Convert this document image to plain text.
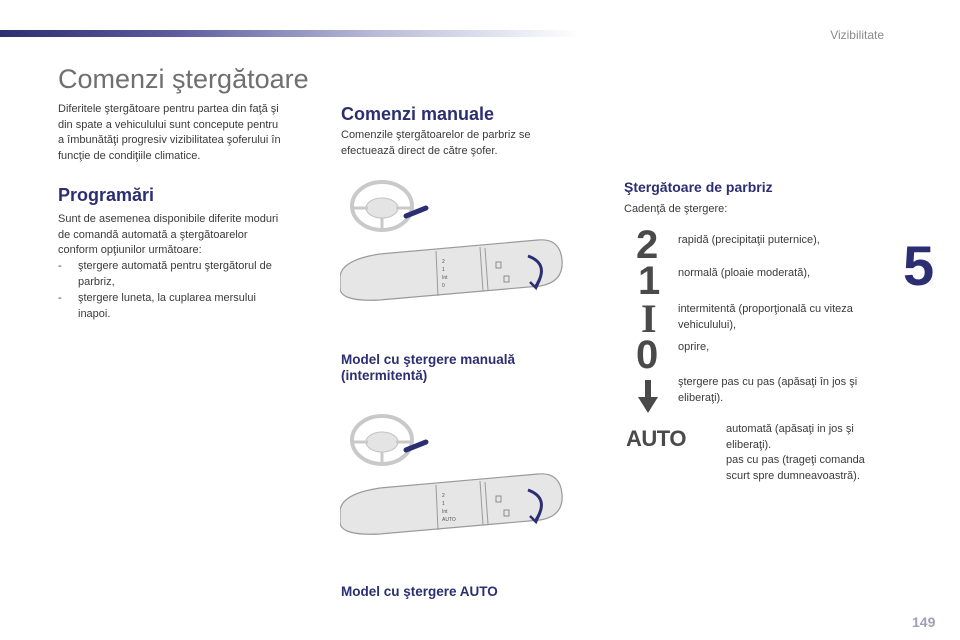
Vizibilitate
5
Comenzi ştergătoare
Diferitele ştergătoare pentru partea din faţă şi
din spate a vehiculului sunt concepute pentru
a îmbunătăţi progresiv vizibilitatea şoferului în
funcţie de condiţiile climatice.
Programări
Sunt de asemenea disponibile diferite moduri
de comandă automată a ştergătoarelor
conform opţiunilor următoare:
- ştergere automată pentru ştergătorul de
parbriz,
- ştergere luneta, la cuplarea mersului
inapoi.
Comenzi manuale
Comenzile ştergătoarelor de parbriz se
efectuează direct de către şofer.
2
1
Int
0
Model cu ştergere manuală
(intermitentă)
2
1
Int
AUTO
Model cu ştergere AUTO
Ştergătoare de parbriz
Cadenţă de ştergere:
2
1
I
0
AUTO
rapidă (precipitaţii puternice),
normală (ploaie moderată),
intermitentă (proporţională cu viteza
vehiculului),
oprire,
ştergere pas cu pas (apăsaţi în jos şi
eliberaţi).
automată (apăsaţi in jos şi
eliberaţi).
pas cu pas (trageţi comanda
scurt spre dumneavoastră).
149
